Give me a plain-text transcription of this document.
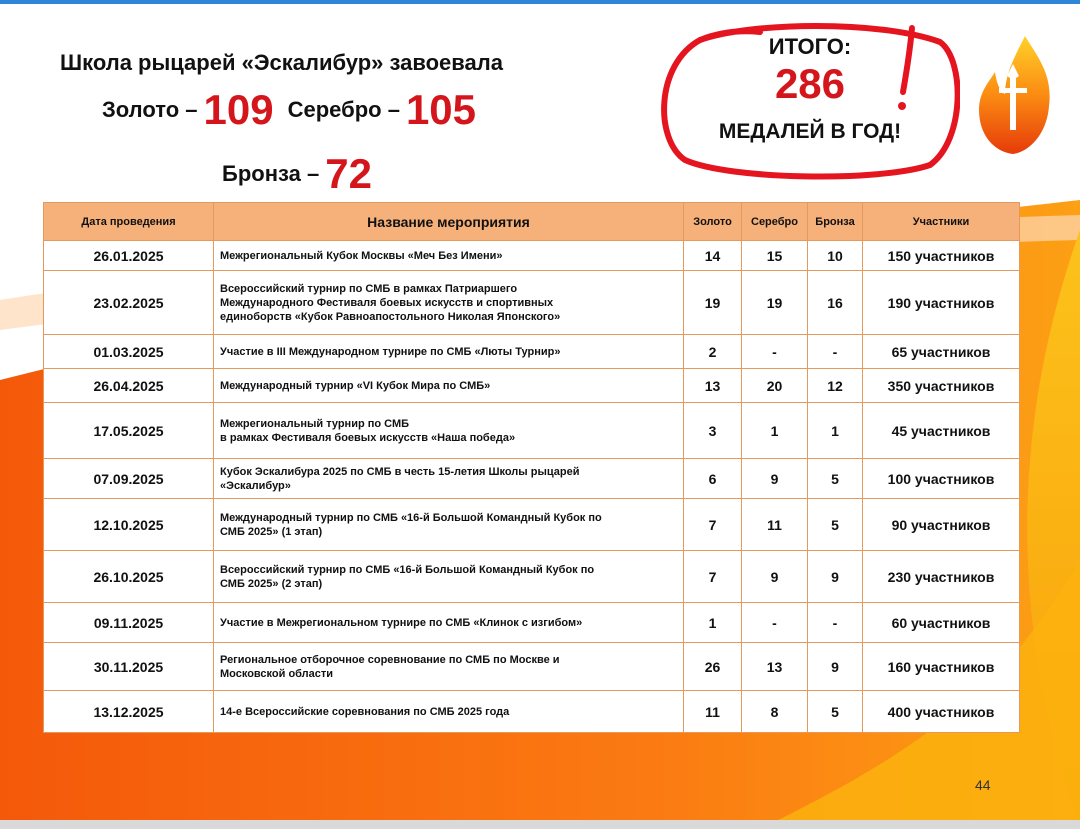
Школа рыцарей «Эскалибур» завоевала
Золото – 109 Серебро – 105
Бронза – 72
ИТОГО:
286
МЕДАЛЕЙ В ГОД!
Дата проведения	Название мероприятия	Золото	Серебро	Бронза	Участники
26.01.2025	Межрегиональный Кубок Москвы «Меч Без Имени»	14	15	10	150 участников
23.02.2025	Всероссийский турнир по СМБ в рамках Патриаршего
Международного Фестиваля боевых искусств и спортивных
единоборств «Кубок Равноапостольного Николая Японского»	19	19	16	190 участников
01.03.2025	Участие в III Международном турнире по СМБ «Люты Турнир»	2	-	-	65 участников
26.04.2025	Международный турнир «VI Кубок Мира по СМБ»	13	20	12	350 участников
17.05.2025	Межрегиональный турнир по СМБ
в рамках Фестиваля боевых искусств «Наша победа»	3	1	1	45 участников
07.09.2025	Кубок Эскалибура 2025 по СМБ в честь 15-летия Школы рыцарей
«Эскалибур»	6	9	5	100 участников
12.10.2025	Международный турнир по СМБ «16-й Большой Командный Кубок по
СМБ 2025» (1 этап)	7	11	5	90 участников
26.10.2025	Всероссийский турнир по СМБ «16-й Большой Командный Кубок по
СМБ 2025» (2 этап)	7	9	9	230 участников
09.11.2025	Участие в Межрегиональном турнире по СМБ «Клинок с изгибом»	1	-	-	60 участников
30.11.2025	Региональное отборочное соревнование по СМБ по Москве и
Московской области	26	13	9	160 участников
13.12.2025	14-е Всероссийские соревнования по СМБ 2025 года	11	8	5	400 участников
44
